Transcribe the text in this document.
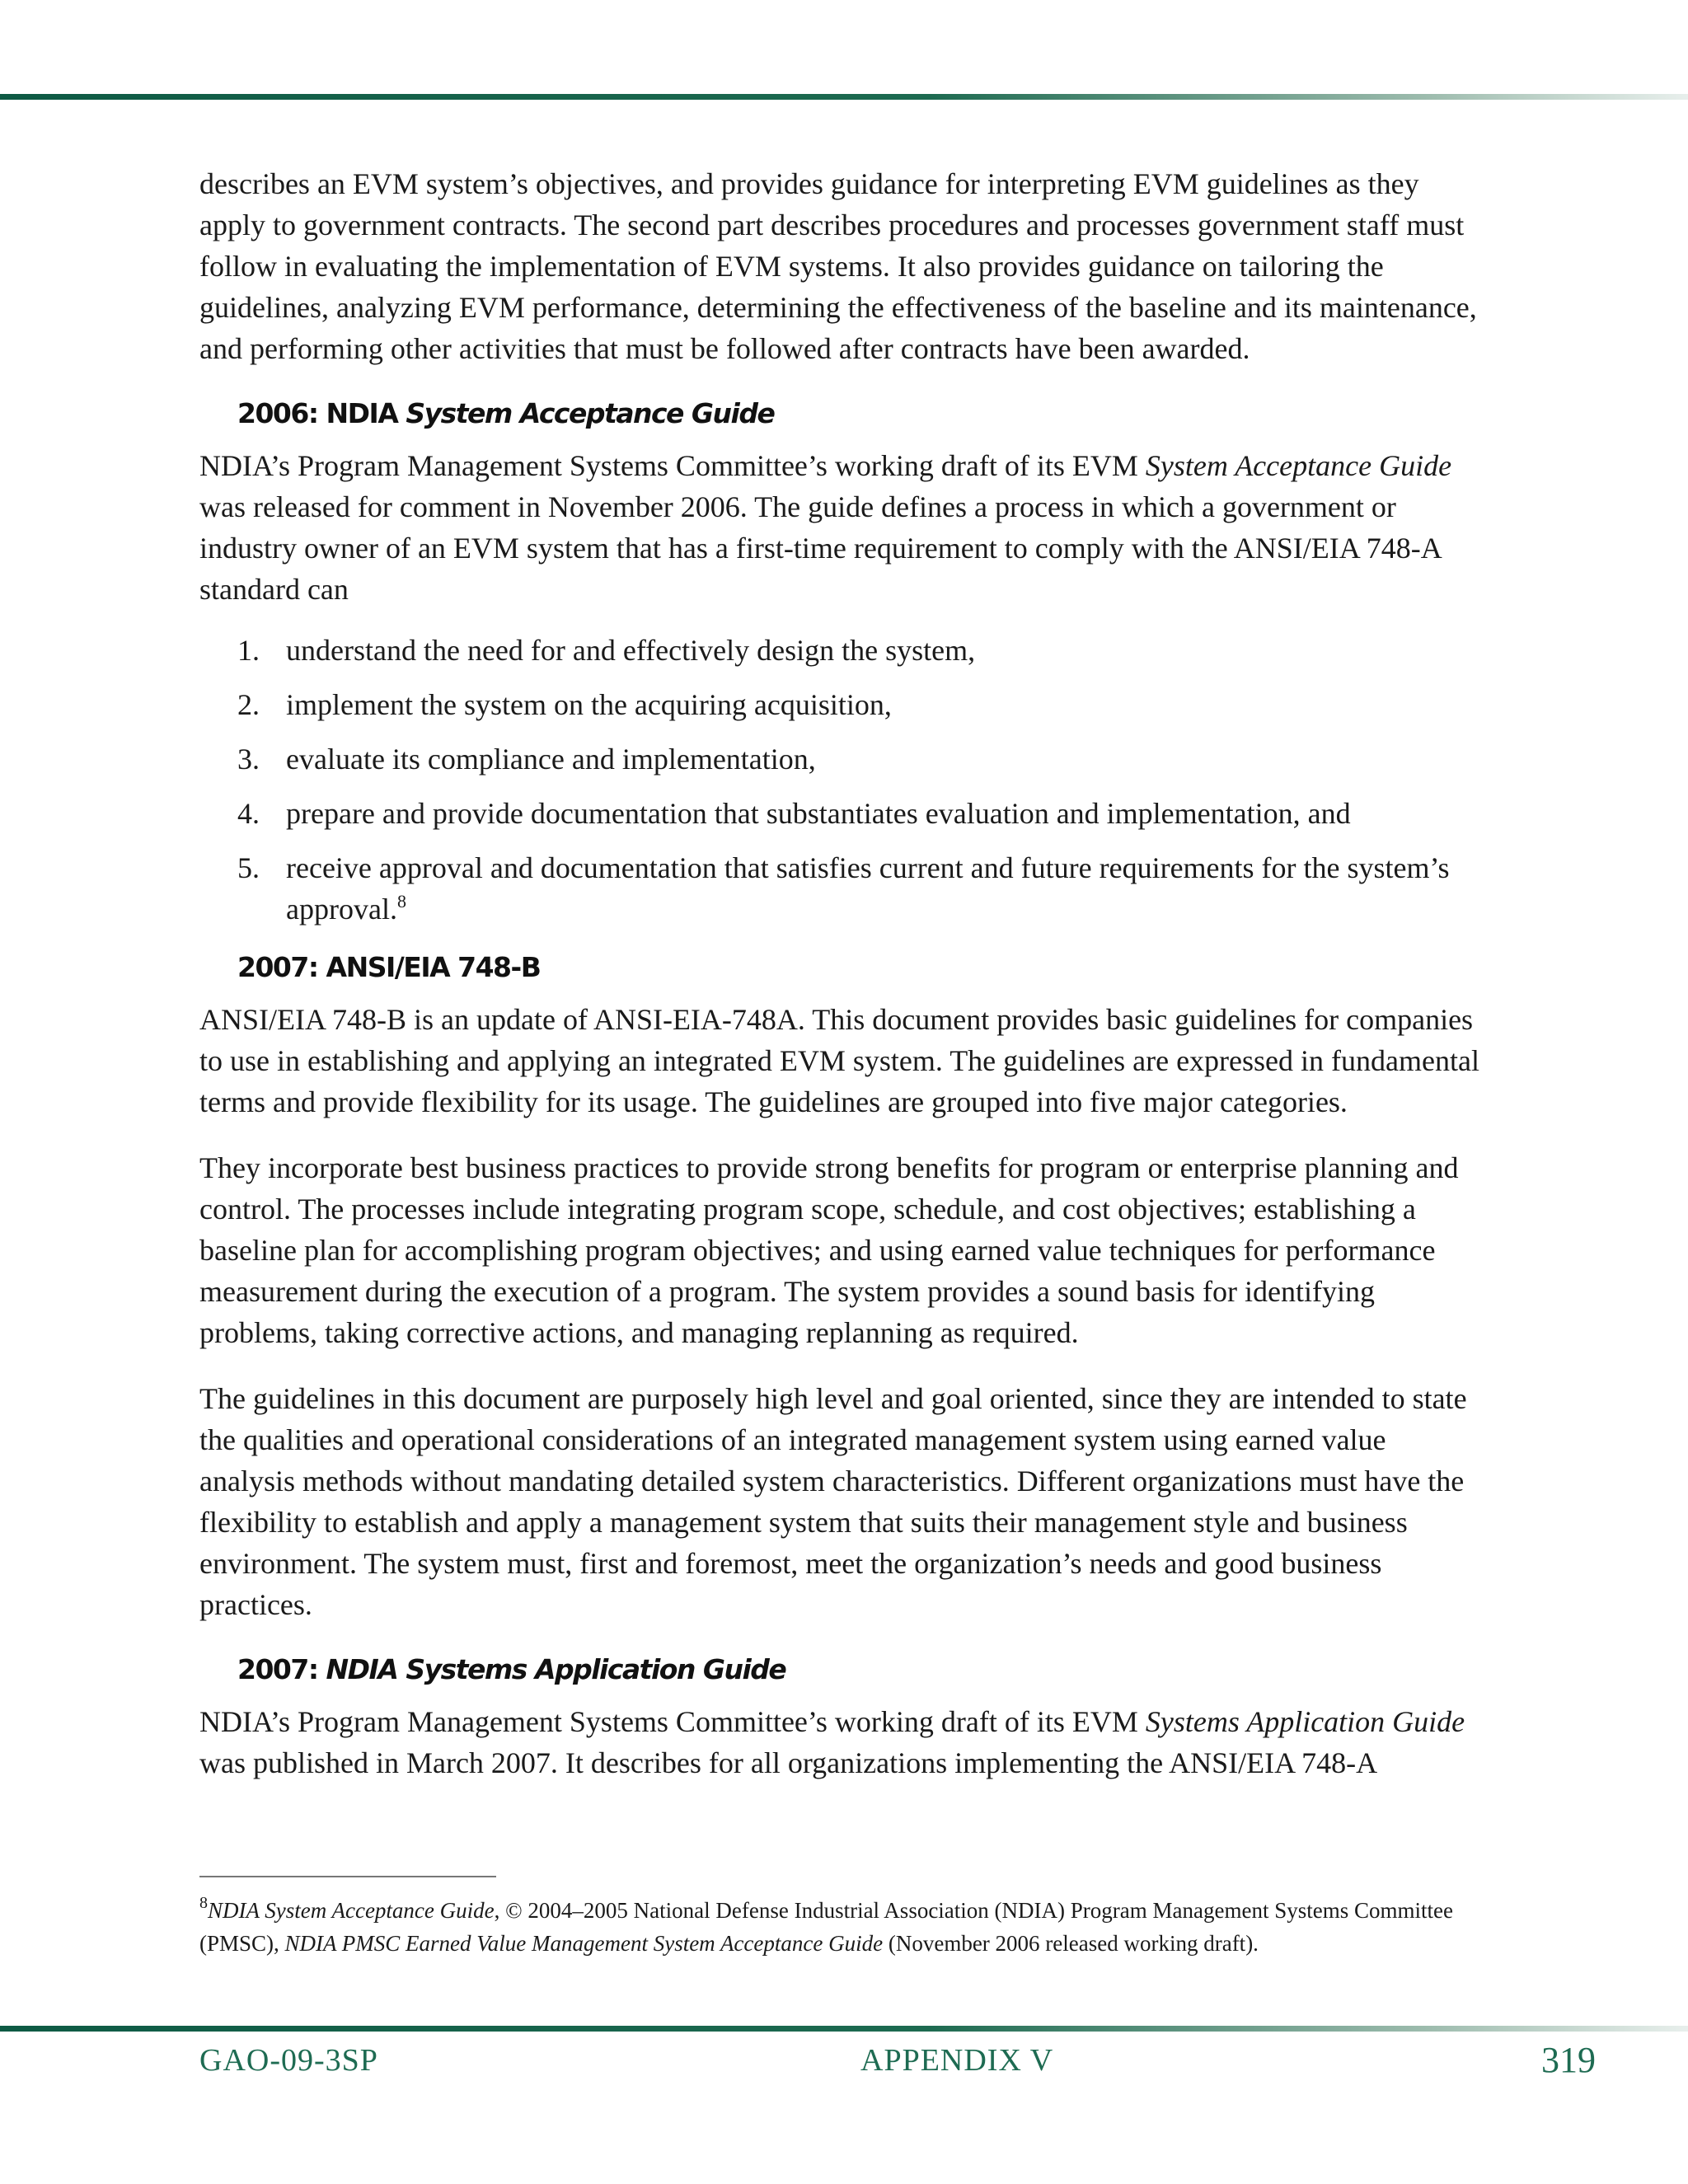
describes an EVM system’s objectives, and provides guidance for interpreting EVM guidelines as they apply to government contracts. The second part describes procedures and processes government staff must follow in evaluating the implementation of EVM systems. It also provides guidance on tailoring the guidelines, analyzing EVM performance, determining the effectiveness of the baseline and its maintenance, and performing other activities that must be followed after contracts have been awarded.

2006: NDIA System Acceptance Guide

NDIA’s Program Management Systems Committee’s working draft of its EVM System Acceptance Guide was released for comment in November 2006. The guide defines a process in which a government or industry owner of an EVM system that has a first-time requirement to comply with the ANSI/EIA 748-A standard can

1. understand the need for and effectively design the system,
2. implement the system on the acquiring acquisition,
3. evaluate its compliance and implementation,
4. prepare and provide documentation that substantiates evaluation and implementation, and
5. receive approval and documentation that satisfies current and future requirements for the system’s approval.$^8$
2007: ANSI/EIA 748-B

ANSI/EIA 748-B is an update of ANSI-EIA-748A. This document provides basic guidelines for companies to use in establishing and applying an integrated EVM system. The guidelines are expressed in fundamental terms and provide flexibility for its usage. The guidelines are grouped into five major categories.

They incorporate best business practices to provide strong benefits for program or enterprise planning and control. The processes include integrating program scope, schedule, and cost objectives; establishing a baseline plan for accomplishing program objectives; and using earned value techniques for performance measurement during the execution of a program. The system provides a sound basis for identifying problems, taking corrective actions, and managing replanning as required.

The guidelines in this document are purposely high level and goal oriented, since they are intended to state the qualities and operational considerations of an integrated management system using earned value analysis methods without mandating detailed system characteristics. Different organizations must have the flexibility to establish and apply a management system that suits their management style and business environment. The system must, first and foremost, meet the organization’s needs and good business practices.

2007: NDIA Systems Application Guide

NDIA’s Program Management Systems Committee’s working draft of its EVM Systems Application Guide was published in March 2007. It describes for all organizations implementing the ANSI/EIA 748-A

$^8$NDIA System Acceptance Guide, © 2004–2005 National Defense Industrial Association (NDIA) Program Management Systems Committee (PMSC), NDIA PMSC Earned Value Management System Acceptance Guide (November 2006 released working draft).
GAO-09-3SP	APPENDIX V	319
